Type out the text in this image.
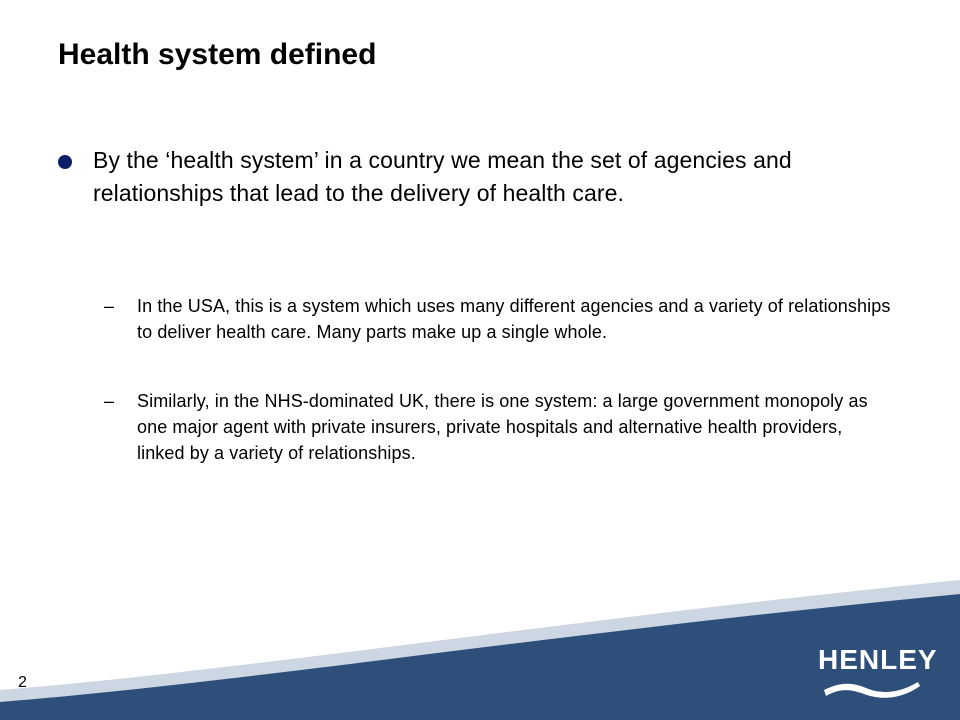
Health system defined
By the ‘health system’ in a country we mean the set of agencies and relationships that lead to the delivery of health care.
–	In the USA, this is a system which uses many different agencies and a variety of relationships to deliver health care. Many parts make up a single whole.
–	Similarly, in the NHS-dominated UK, there is one system: a large government monopoly as one major agent with private insurers, private hospitals and alternative health providers, linked by a variety of relationships.
2
HENLEY
